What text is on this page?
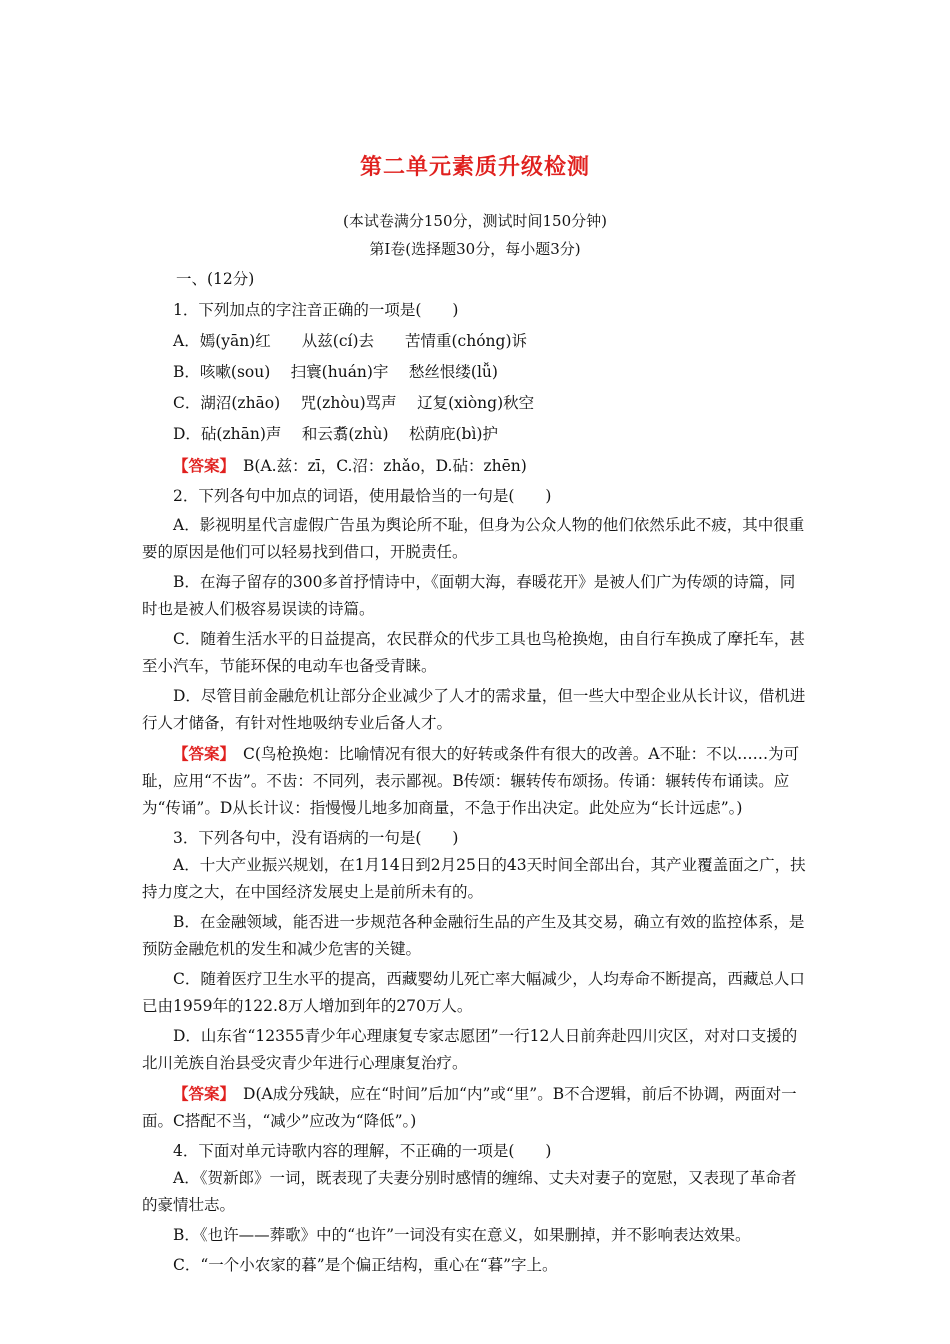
第二单元素质升级检测
(本试卷满分150分，测试时间150分钟)
第Ⅰ卷(选择题30分，每小题3分)
一、(12分)
1．下列加点的字注音正确的一项是(　　)
A．嫣(yān)红　　从兹(cí)去　　苦情重(chóng)诉
B．咳嗽(sou)　 扫寰(huán)宇　 愁丝恨缕(lǚ)
C．湖沼(zhāo)　 咒(zhòu)骂声　 辽复(xiòng)秋空
D．砧(zhān)声　 和云翥(zhù)　 松荫庇(bì)护
【答案】 B(A.兹：zī，C.沼：zhǎo，D.砧：zhēn)
2．下列各句中加点的词语，使用最恰当的一句是(　　)
A．影视明星代言虚假广告虽为舆论所不耻，但身为公众人物的他们依然乐此不疲，其中很重要的原因是他们可以轻易找到借口，开脱责任。
B．在海子留存的300多首抒情诗中，《面朝大海，春暖花开》是被人们广为传颂的诗篇，同时也是被人们极容易误读的诗篇。
C．随着生活水平的日益提高，农民群众的代步工具也鸟枪换炮，由自行车换成了摩托车，甚至小汽车，节能环保的电动车也备受青睐。
D．尽管目前金融危机让部分企业减少了人才的需求量，但一些大中型企业从长计议，借机进行人才储备，有针对性地吸纳专业后备人才。
【答案】 C(鸟枪换炮：比喻情况有很大的好转或条件有很大的改善。A不耻：不以……为可耻，应用“不齿”。不齿：不同列，表示鄙视。B传颂：辗转传布颂扬。传诵：辗转传布诵读。应为“传诵”。D从长计议：指慢慢儿地多加商量，不急于作出决定。此处应为“长计远虑”。)
3．下列各句中，没有语病的一句是(　　)
A．十大产业振兴规划，在1月14日到2月25日的43天时间全部出台，其产业覆盖面之广，扶持力度之大，在中国经济发展史上是前所未有的。
B．在金融领域，能否进一步规范各种金融衍生品的产生及其交易，确立有效的监控体系，是预防金融危机的发生和减少危害的关键。
C．随着医疗卫生水平的提高，西藏婴幼儿死亡率大幅减少，人均寿命不断提高，西藏总人口已由1959年的122.8万人增加到年的270万人。
D．山东省“12355青少年心理康复专家志愿团”一行12人日前奔赴四川灾区，对对口支援的北川羌族自治县受灾青少年进行心理康复治疗。
【答案】 D(A成分残缺，应在“时间”后加“内”或“里”。B不合逻辑，前后不协调，两面对一面。C搭配不当，“减少”应改为“降低”。)
4．下面对单元诗歌内容的理解，不正确的一项是(　　)
A．《贺新郎》一词，既表现了夫妻分别时感情的缠绵、丈夫对妻子的宽慰，又表现了革命者的豪情壮志。
B．《也许——葬歌》中的“也许”一词没有实在意义，如果删掉，并不影响表达效果。
C．“一个小农家的暮”是个偏正结构，重心在“暮”字上。
